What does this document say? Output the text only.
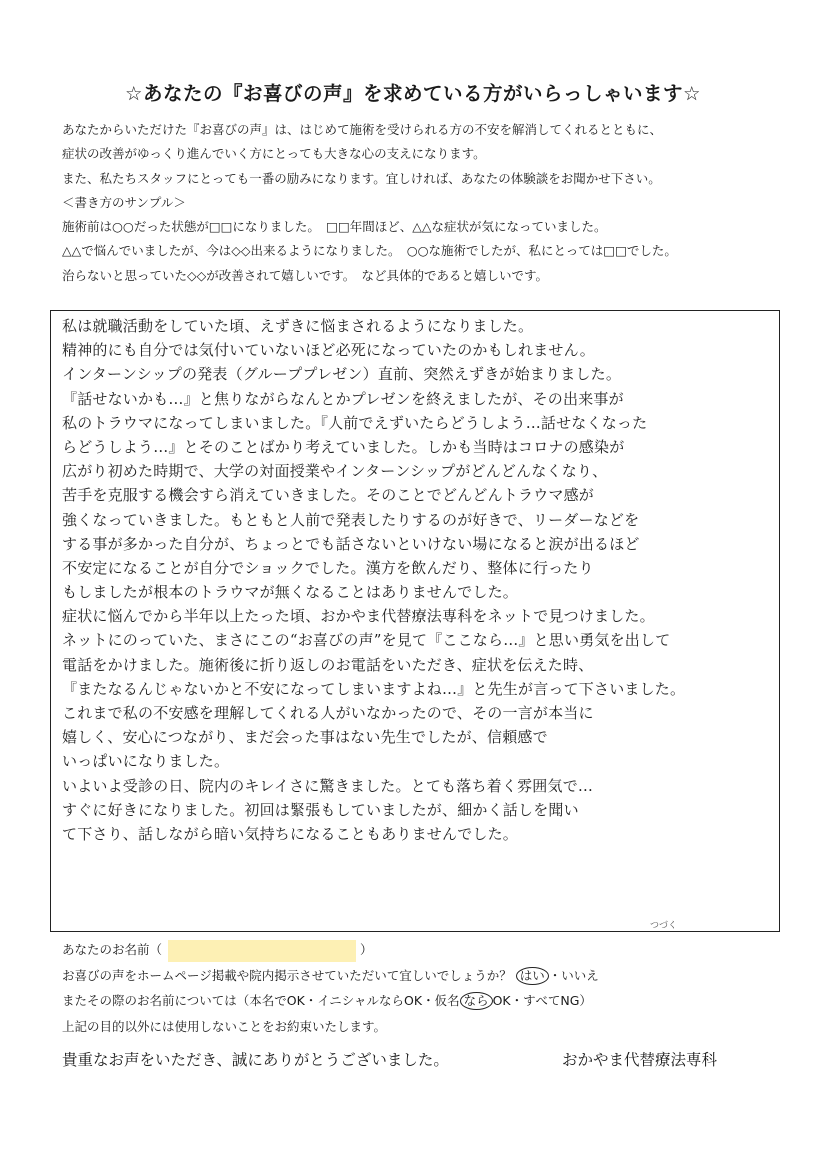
☆あなたの『お喜びの声』を求めている方がいらっしゃいます☆
あなたからいただけた『お喜びの声』は、はじめて施術を受けられる方の不安を解消してくれるとともに、
症状の改善がゆっくり進んでいく方にとっても大きな心の支えになります。
また、私たちスタッフにとっても一番の励みになります。宜しければ、あなたの体験談をお聞かせ下さい。
＜書き方のサンプル＞
施術前は○○だった状態が□□になりました。　□□年間ほど、△△な症状が気になっていました。
△△で悩んでいましたが、今は◇◇出来るようになりました。　○○な施術でしたが、私にとっては□□でした。
治らないと思っていた◇◇が改善されて嬉しいです。　など具体的であると嬉しいです。
私は就職活動をしていた頃、えずきに悩まされるようになりました。
精神的にも自分では気付いていないほど必死になっていたのかもしれません。
インターンシップの発表（グループプレゼン）直前、突然えずきが始まりました。
『話せないかも…』と焦りながらなんとかプレゼンを終えましたが、その出来事が
私のトラウマになってしまいました。『人前でえずいたらどうしよう…話せなくなった
らどうしよう…』とそのことばかり考えていました。しかも当時はコロナの感染が
広がり初めた時期で、大学の対面授業やインターンシップがどんどんなくなり、
苦手を克服する機会すら消えていきました。そのことでどんどんトラウマ感が
強くなっていきました。もともと人前で発表したりするのが好きで、リーダーなどを
する事が多かった自分が、ちょっとでも話さないといけない場になると涙が出るほど
不安定になることが自分でショックでした。漢方を飲んだり、整体に行ったり
もしましたが根本のトラウマが無くなることはありませんでした。
症状に悩んでから半年以上たった頃、おかやま代替療法専科をネットで見つけました。
ネットにのっていた、まさにこの“お喜びの声”を見て『ここなら…』と思い勇気を出して
電話をかけました。施術後に折り返しのお電話をいただき、症状を伝えた時、
『またなるんじゃないかと不安になってしまいますよね…』と先生が言って下さいました。
これまで私の不安感を理解してくれる人がいなかったので、その一言が本当に
嬉しく、安心につながり、まだ会った事はない先生でしたが、信頼感で
いっぱいになりました。
いよいよ受診の日、院内のキレイさに驚きました。とても落ち着く雰囲気で…
すぐに好きになりました。初回は緊張もしていましたが、細かく話しを聞い
て下さり、話しながら暗い気持ちになることもありませんでした。
つづく
あなたのお名前（	）
お喜びの声をホームページ掲載や院内掲示させていただいて宜しいでしょうか？ はい ・いいえ
またその際のお名前については（本名でOK・イニシャルならOK・仮名 なら OK・すべてNG）
上記の目的以外には使用しないことをお約束いたします。
貴重なお声をいただき、誠にありがとうございました。	おかやま代替療法専科
